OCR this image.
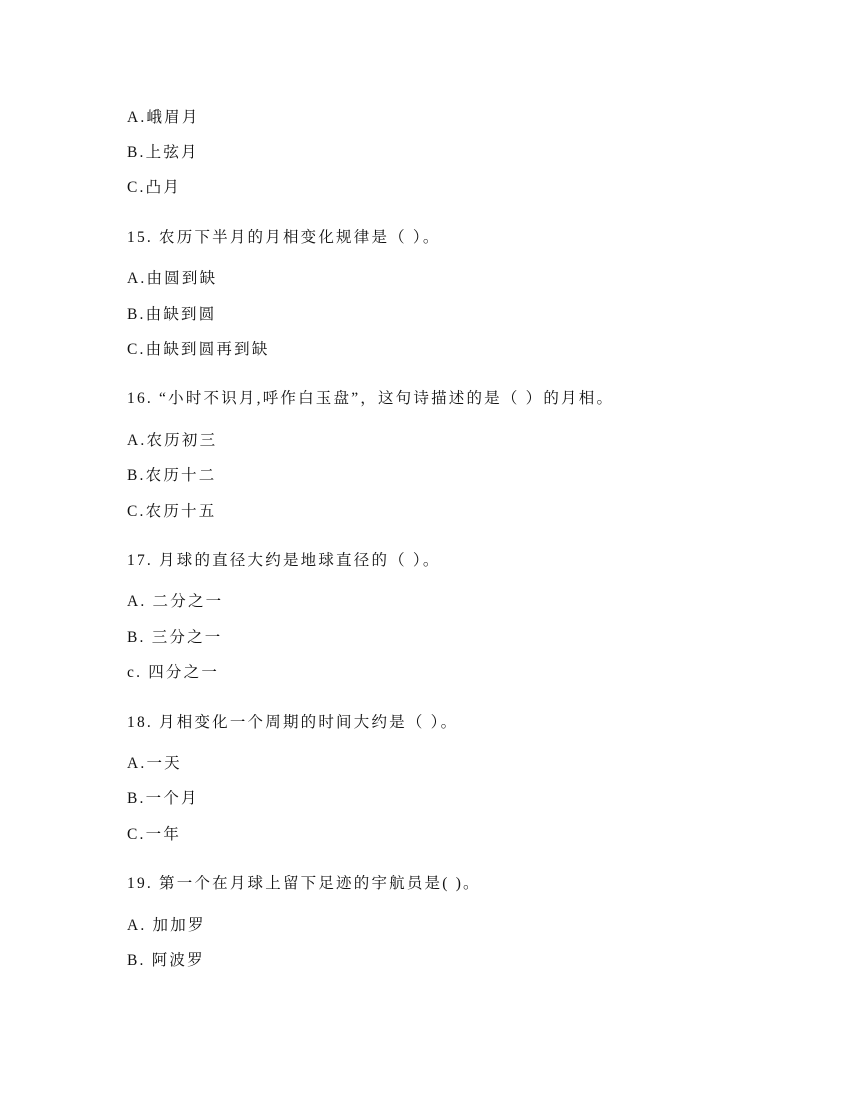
A.峨眉月
B.上弦月
C.凸月
15. 农历下半月的月相变化规律是（ ）。
A.由圆到缺
B.由缺到圆
C.由缺到圆再到缺
16. “小时不识月,呼作白玉盘”，这句诗描述的是（ ）的月相。
A.农历初三
B.农历十二
C.农历十五
17. 月球的直径大约是地球直径的（ ）。
A. 二分之一
B. 三分之一
c. 四分之一
18. 月相变化一个周期的时间大约是（ ）。
A.一天
B.一个月
C.一年
19. 第一个在月球上留下足迹的宇航员是( )。
A. 加加罗
B. 阿波罗
